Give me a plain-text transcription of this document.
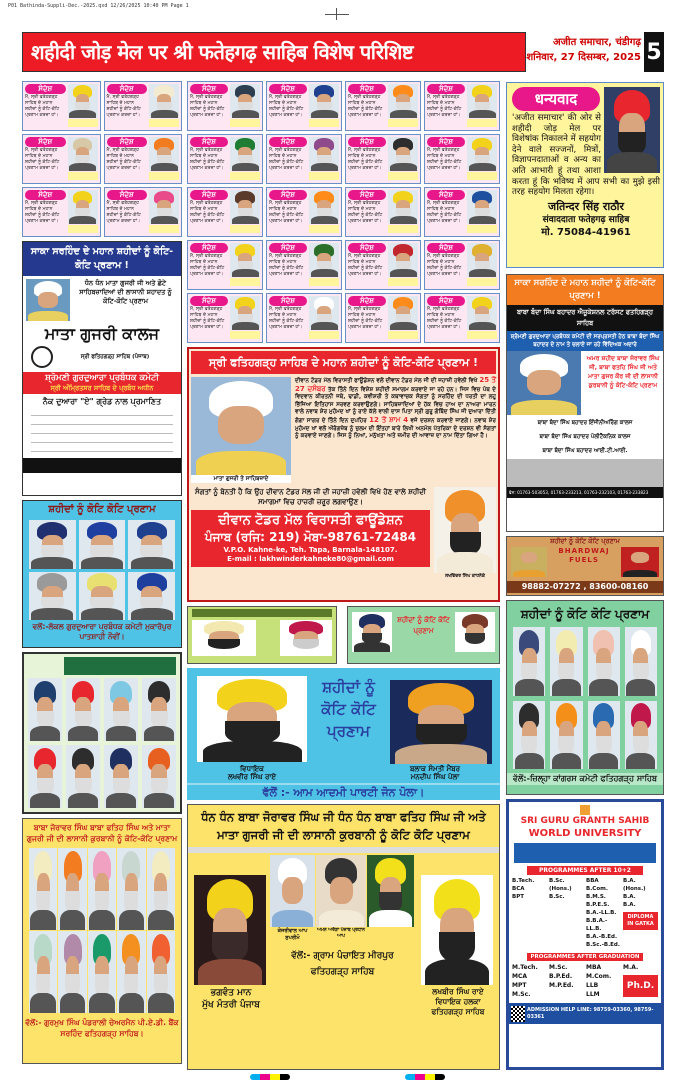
P01 Bathinda-Suppli-Dec.-2025.qxd 12/26/2025 10:40 PM Page 1
शहीदी जोड़ मेल पर श्री फतेहगढ़ साहिब विशेष परिशिष्ट	अजीत समाचार, चंडीगढ़
शनिवार, 27 दिसम्बर, 2025 5
ਸੰਦੇਸ਼
ਮੈਂ, ਸ੍ਰੀ ਫਤੇਹਗੜ੍ਹ ਸਾਹਿਬ ਦੇ ਮਹਾਨ ਸ਼ਹੀਦਾਂ ਨੂੰ ਕੋਟਿ-ਕੋਟਿ ਪ੍ਰਣਾਮ ਕਰਦਾ ਹਾਂ।
ਸੰਦੇਸ਼
ਮੈਂ, ਸ੍ਰੀ ਫਤੇਹਗੜ੍ਹ ਸਾਹਿਬ ਦੇ ਮਹਾਨ ਸ਼ਹੀਦਾਂ ਨੂੰ ਕੋਟਿ-ਕੋਟਿ ਪ੍ਰਣਾਮ ਕਰਦਾ ਹਾਂ।
ਸੰਦੇਸ਼
ਮੈਂ, ਸ੍ਰੀ ਫਤੇਹਗੜ੍ਹ ਸਾਹਿਬ ਦੇ ਮਹਾਨ ਸ਼ਹੀਦਾਂ ਨੂੰ ਕੋਟਿ-ਕੋਟਿ ਪ੍ਰਣਾਮ ਕਰਦਾ ਹਾਂ।
ਸੰਦੇਸ਼
ਮੈਂ, ਸ੍ਰੀ ਫਤੇਹਗੜ੍ਹ ਸਾਹਿਬ ਦੇ ਮਹਾਨ ਸ਼ਹੀਦਾਂ ਨੂੰ ਕੋਟਿ-ਕੋਟਿ ਪ੍ਰਣਾਮ ਕਰਦਾ ਹਾਂ।
ਸੰਦੇਸ਼
ਮੈਂ, ਸ੍ਰੀ ਫਤੇਹਗੜ੍ਹ ਸਾਹਿਬ ਦੇ ਮਹਾਨ ਸ਼ਹੀਦਾਂ ਨੂੰ ਕੋਟਿ-ਕੋਟਿ ਪ੍ਰਣਾਮ ਕਰਦਾ ਹਾਂ।
ਸੰਦੇਸ਼
ਮੈਂ, ਸ੍ਰੀ ਫਤੇਹਗੜ੍ਹ ਸਾਹਿਬ ਦੇ ਮਹਾਨ ਸ਼ਹੀਦਾਂ ਨੂੰ ਕੋਟਿ-ਕੋਟਿ ਪ੍ਰਣਾਮ ਕਰਦਾ ਹਾਂ।
ਸਾਕਾ ਸਰਹਿੰਦ ਦੇ ਮਹਾਨ ਸ਼ਹੀਦਾਂ ਨੂੰ ਕੋਟਿ-ਕੋਟਿ ਪ੍ਰਣਾਮ !
ਧੰਨ ਧੰਨ ਮਾਤਾ ਗੁਜਰੀ ਜੀ ਅਤੇ ਛੋਟੇ ਸਾਹਿਬਜ਼ਾਦਿਆਂ ਦੀ ਲਾਸਾਨੀ ਸ਼ਹਾਦਤ ਨੂੰ ਕੋਟਿ-ਕੋਟਿ ਪ੍ਰਣਾਮ
ਮਾਤਾ ਗੁਜਰੀ ਕਾਲਜ
ਸ੍ਰੀ ਫਤਿਹਗੜ੍ਹ ਸਾਹਿਬ (ਪੰਜਾਬ)
ਸ਼੍ਰੋਮਣੀ ਗੁਰਦੁਆਰਾ ਪ੍ਰਬੰਧਕ ਕਮੇਟੀ
ਸ੍ਰੀ ਅੰਮ੍ਰਿਤਸਰ ਸਾਹਿਬ ਦੇ ਪ੍ਰਬੰਧ ਅਧੀਨ
ਨੈਕ ਦੁਆਰਾ "ਏ" ਗ੍ਰੇਡ ਨਾਲ ਪ੍ਰਮਾਣਿਤ
ਸ਼ਹੀਦਾਂ ਨੂੰ ਕੋਟਿ ਕੋਟਿ ਪ੍ਰਣਾਮ
ਵਲੋਂ:-ਲੋਕਲ ਗੁਰਦੁਆਰਾ ਪ੍ਰਬੰਧਕ ਕਮੇਟੀ ਮੁਕਾਰੋਪੁਰ ਪਾਤਸ਼ਾਹੀ ਨੌਵੀਂ।
ਬਾਬਾ ਜੋਰਾਵਰ ਸਿੰਘ ਬਾਬਾ ਫਤਿਹ ਸਿੰਘ ਅਤੇ ਮਾਤਾ ਗੁਜਰੀ ਜੀ ਦੀ ਲਾਸਾਨੀ ਕੁਰਬਾਨੀ ਨੂੰ ਕੋਟਿ-ਕੋਟਿ ਪ੍ਰਣਾਮ
ਵੱਲੋਂ:- ਗੁਰਮੁਖ ਸਿੰਘ ਪੰਡਰਾਲੀ ਚੇਅਰਮੈਨ ਪੀ.ਏ.ਡੀ. ਬੈਂਕ ਸਰਹਿੰਦ ਫਤਿਹਗੜ੍ਹ ਸਾਹਿਬ।
ਸੰਦੇਸ਼
ਮੈਂ, ਸ੍ਰੀ ਫਤੇਹਗੜ੍ਹ ਸਾਹਿਬ ਦੇ ਮਹਾਨ ਸ਼ਹੀਦਾਂ ਨੂੰ ਕੋਟਿ-ਕੋਟਿ ਪ੍ਰਣਾਮ ਕਰਦਾ ਹਾਂ।
ਸੰਦੇਸ਼
ਮੈਂ, ਸ੍ਰੀ ਫਤੇਹਗੜ੍ਹ ਸਾਹਿਬ ਦੇ ਮਹਾਨ ਸ਼ਹੀਦਾਂ ਨੂੰ ਕੋਟਿ-ਕੋਟਿ ਪ੍ਰਣਾਮ ਕਰਦਾ ਹਾਂ।
ਸੰਦੇਸ਼
ਮੈਂ, ਸ੍ਰੀ ਫਤੇਹਗੜ੍ਹ ਸਾਹਿਬ ਦੇ ਮਹਾਨ ਸ਼ਹੀਦਾਂ ਨੂੰ ਕੋਟਿ-ਕੋਟਿ ਪ੍ਰਣਾਮ ਕਰਦਾ ਹਾਂ।
ਸੰਦੇਸ਼
ਮੈਂ, ਸ੍ਰੀ ਫਤੇਹਗੜ੍ਹ ਸਾਹਿਬ ਦੇ ਮਹਾਨ ਸ਼ਹੀਦਾਂ ਨੂੰ ਕੋਟਿ-ਕੋਟਿ ਪ੍ਰਣਾਮ ਕਰਦਾ ਹਾਂ।
ਸੰਦੇਸ਼
ਮੈਂ, ਸ੍ਰੀ ਫਤੇਹਗੜ੍ਹ ਸਾਹਿਬ ਦੇ ਮਹਾਨ ਸ਼ਹੀਦਾਂ ਨੂੰ ਕੋਟਿ-ਕੋਟਿ ਪ੍ਰਣਾਮ ਕਰਦਾ ਹਾਂ।
ਸੰਦੇਸ਼
ਮੈਂ, ਸ੍ਰੀ ਫਤੇਹਗੜ੍ਹ ਸਾਹਿਬ ਦੇ ਮਹਾਨ ਸ਼ਹੀਦਾਂ ਨੂੰ ਕੋਟਿ-ਕੋਟਿ ਪ੍ਰਣਾਮ ਕਰਦਾ ਹਾਂ।
ਸੰਦੇਸ਼
ਮੈਂ, ਸ੍ਰੀ ਫਤੇਹਗੜ੍ਹ ਸਾਹਿਬ ਦੇ ਮਹਾਨ ਸ਼ਹੀਦਾਂ ਨੂੰ ਕੋਟਿ-ਕੋਟਿ ਪ੍ਰਣਾਮ ਕਰਦਾ ਹਾਂ।
ਸੰਦੇਸ਼
ਮੈਂ, ਸ੍ਰੀ ਫਤੇਹਗੜ੍ਹ ਸਾਹਿਬ ਦੇ ਮਹਾਨ ਸ਼ਹੀਦਾਂ ਨੂੰ ਕੋਟਿ-ਕੋਟਿ ਪ੍ਰਣਾਮ ਕਰਦਾ ਹਾਂ।
ਸੰਦੇਸ਼
ਮੈਂ, ਸ੍ਰੀ ਫਤੇਹਗੜ੍ਹ ਸਾਹਿਬ ਦੇ ਮਹਾਨ ਸ਼ਹੀਦਾਂ ਨੂੰ ਕੋਟਿ-ਕੋਟਿ ਪ੍ਰਣਾਮ ਕਰਦਾ ਹਾਂ।
ਸੰਦੇਸ਼
ਮੈਂ, ਸ੍ਰੀ ਫਤੇਹਗੜ੍ਹ ਸਾਹਿਬ ਦੇ ਮਹਾਨ ਸ਼ਹੀਦਾਂ ਨੂੰ ਕੋਟਿ-ਕੋਟਿ ਪ੍ਰਣਾਮ ਕਰਦਾ ਹਾਂ।
ਸੰਦੇਸ਼
ਮੈਂ, ਸ੍ਰੀ ਫਤੇਹਗੜ੍ਹ ਸਾਹਿਬ ਦੇ ਮਹਾਨ ਸ਼ਹੀਦਾਂ ਨੂੰ ਕੋਟਿ-ਕੋਟਿ ਪ੍ਰਣਾਮ ਕਰਦਾ ਹਾਂ।
ਸੰਦੇਸ਼
ਮੈਂ, ਸ੍ਰੀ ਫਤੇਹਗੜ੍ਹ ਸਾਹਿਬ ਦੇ ਮਹਾਨ ਸ਼ਹੀਦਾਂ ਨੂੰ ਕੋਟਿ-ਕੋਟਿ ਪ੍ਰਣਾਮ ਕਰਦਾ ਹਾਂ।
ਸੰਦੇਸ਼
ਮੈਂ, ਸ੍ਰੀ ਫਤੇਹਗੜ੍ਹ ਸਾਹਿਬ ਦੇ ਮਹਾਨ ਸ਼ਹੀਦਾਂ ਨੂੰ ਕੋਟਿ-ਕੋਟਿ ਪ੍ਰਣਾਮ ਕਰਦਾ ਹਾਂ।
ਸੰਦੇਸ਼
ਮੈਂ, ਸ੍ਰੀ ਫਤੇਹਗੜ੍ਹ ਸਾਹਿਬ ਦੇ ਮਹਾਨ ਸ਼ਹੀਦਾਂ ਨੂੰ ਕੋਟਿ-ਕੋਟਿ ਪ੍ਰਣਾਮ ਕਰਦਾ ਹਾਂ।
ਸੰਦੇਸ਼
ਮੈਂ, ਸ੍ਰੀ ਫਤੇਹਗੜ੍ਹ ਸਾਹਿਬ ਦੇ ਮਹਾਨ ਸ਼ਹੀਦਾਂ ਨੂੰ ਕੋਟਿ-ਕੋਟਿ ਪ੍ਰਣਾਮ ਕਰਦਾ ਹਾਂ।
ਸੰਦੇਸ਼
ਮੈਂ, ਸ੍ਰੀ ਫਤੇਹਗੜ੍ਹ ਸਾਹਿਬ ਦੇ ਮਹਾਨ ਸ਼ਹੀਦਾਂ ਨੂੰ ਕੋਟਿ-ਕੋਟਿ ਪ੍ਰਣਾਮ ਕਰਦਾ ਹਾਂ।
ਸੰਦੇਸ਼
ਮੈਂ, ਸ੍ਰੀ ਫਤੇਹਗੜ੍ਹ ਸਾਹਿਬ ਦੇ ਮਹਾਨ ਸ਼ਹੀਦਾਂ ਨੂੰ ਕੋਟਿ-ਕੋਟਿ ਪ੍ਰਣਾਮ ਕਰਦਾ ਹਾਂ।
ਸੰਦੇਸ਼
ਮੈਂ, ਸ੍ਰੀ ਫਤੇਹਗੜ੍ਹ ਸਾਹਿਬ ਦੇ ਮਹਾਨ ਸ਼ਹੀਦਾਂ ਨੂੰ ਕੋਟਿ-ਕੋਟਿ ਪ੍ਰਣਾਮ ਕਰਦਾ ਹਾਂ।
ਸੰਦੇਸ਼
ਮੈਂ, ਸ੍ਰੀ ਫਤੇਹਗੜ੍ਹ ਸਾਹਿਬ ਦੇ ਮਹਾਨ ਸ਼ਹੀਦਾਂ ਨੂੰ ਕੋਟਿ-ਕੋਟਿ ਪ੍ਰਣਾਮ ਕਰਦਾ ਹਾਂ।
ਸੰਦੇਸ਼
ਮੈਂ, ਸ੍ਰੀ ਫਤੇਹਗੜ੍ਹ ਸਾਹਿਬ ਦੇ ਮਹਾਨ ਸ਼ਹੀਦਾਂ ਨੂੰ ਕੋਟਿ-ਕੋਟਿ ਪ੍ਰਣਾਮ ਕਰਦਾ ਹਾਂ।
ਸ੍ਰੀ ਫਤਿਹਗੜ੍ਹ ਸਾਹਿਬ ਦੇ ਮਹਾਨ ਸ਼ਹੀਦਾਂ ਨੂੰ ਕੋਟਿ-ਕੋਟਿ ਪ੍ਰਣਾਮ !
ਮਾਤਾ ਗੁਜਰੀ ਤੇ ਸਾਹਿਬਜ਼ਾਦੇ
ਦੀਵਾਨ ਟੋਡਰ ਮੱਲ ਵਿਰਾਸਤੀ ਫਾਊਂਡੇਸ਼ਨ ਵਲੋਂ ਦੀਵਾਨ ਟੋਡਰ ਮੱਲ ਜੀ ਦੀ ਜਹਾਜ਼ੀ ਹਵੇਲੀ ਵਿਖੇ 25 ਤੋਂ 27 ਦਸੰਬਰ ਤੱਕ ਤਿੰਨੇ ਦਿਨ ਵਿਸ਼ੇਸ਼ ਸ਼ਹੀਦੀ ਸਮਾਗਮ ਕਰਵਾਏ ਜਾ ਰਹੇ ਹਨ। ਜਿਸ ਵਿਚ ਪੰਥ ਦੇ ਵਿਦਵਾਨ ਕੀਰਤਨੀ ਜਥੇ, ਢਾਡੀ, ਕਵੀਸ਼ਰੀ ਤੇ ਕਥਾਵਾਚਕ ਸੰਗਤਾਂ ਨੂੰ ਸਰਹਿੰਦ ਦੀ ਧਰਤੀ ਦਾ ਲਹੂ ਭਿੱਜਿਆ ਇਤਿਹਾਸ ਸਰਵਣ ਕਰਵਾਉਣਗੇ। ਸਾਹਿਬਜ਼ਾਦਿਆਂ ਦੇ ਹੱਕ ਵਿਚ ਹਾਅ ਦਾ ਨਾਅਰਾ ਮਾਰਨ ਵਾਲੇ ਨਵਾਬ ਸ਼ੇਰ ਮੁਹੰਮਦ ਖਾਂ ਨੂੰ ਰਾਏ ਕੱਲੇ ਵਾਲੀ ਦਾਸ ਪਿਤਾ ਸ੍ਰੀ ਗੁਰੂ ਗੋਬਿੰਦ ਸਿੰਘ ਜੀ ਦੁਆਰਾ ਦਿੱਤੀ ਗੰਗਾ ਸਾਗਰ ਦੇ ਤਿੰਨੇ ਦਿਨ ਦੁਪਹਿਰ 12 ਤੋਂ ਸ਼ਾਮ 4 ਵਜੇ ਦਰਸ਼ਨ ਕਰਵਾਏ ਜਾਣਗੇ। ਨਵਾਬ ਸ਼ੇਰ ਮੁਹੰਮਦ ਖਾਂ ਵਲੋਂ ਔਰੰਗਜ਼ੇਬ ਨੂੰ ਜ਼ੁਲਮ ਦੀ ਇੰਤਹਾਂ ਬਾਰੇ ਲਿਖੀ ਅਨਮੋਲ ਪੱਤਰਿਕਾ ਦੇ ਦਰਸ਼ਨ ਵੀ ਸੰਗਤਾਂ ਨੂੰ ਕਰਵਾਏ ਜਾਣਗੇ। ਜਿਸ ਨੂੰ ਨਿਆਂ, ਮਨੁੱਖਤਾ ਅਤੇ ਜ਼ਮੀਰ ਦੀ ਆਵਾਜ਼ ਦਾ ਨਾਮ ਦਿੱਤਾ ਗਿਆ ਹੈ।
ਸੰਗਤਾਂ ਨੂੰ ਬੇਨਤੀ ਹੈ ਕਿ ਉਹ ਦੀਵਾਨ ਟੋਡਰ ਮੱਲ ਜੀ ਦੀ ਜਹਾਜ਼ੀ ਹਵੇਲੀ ਵਿਖੇ ਹੋਣ ਵਾਲੇ ਸ਼ਹੀਦੀ ਸਮਾਗਮਾਂ ਵਿਚ ਹਾਜ਼ਰੀ ਜ਼ਰੂਰ ਲਗਵਾਉਣ।
ਦੀਵਾਨ ਟੋਡਰ ਮੱਲ ਵਿਰਾਸਤੀ ਫਾਊਂਡੇਸ਼ਨ
ਪੰਜਾਬ (ਰਜਿ: 219) ਮੋਬਾ-98761-72484
V.P.O. Kahne-ke, Teh. Tapa, Barnala-148107.
E-mail : lakhwinderkahneke80@gmail.com
ਲਖਵਿੰਦਰ ਸਿੰਘ ਕਾਹਨੇਕੇ
ਸ਼ਹੀਦਾਂ ਨੂੰ ਕੋਟਿ ਕੋਟਿ ਪ੍ਰਣਾਮ
ਸ਼ਹੀਦਾਂ ਨੂੰ ਕੋਟਿ ਕੋਟਿ ਪ੍ਰਣਾਮ
ਵਿਧਾਇਕ
ਲਖਵੀਰ ਸਿੰਘ ਰਾਏ
ਬਲਾਕ ਸੰਮਤੀ ਮੈਂਬਰ
ਮਨਦੀਪ ਸਿੰਘ ਪੋਲਾ
ਵੱਲੋਂ :- ਆਮ ਆਦਮੀ ਪਾਰਟੀ ਜੋਨ ਪੋਲਾ।
ਧੰਨ ਧੰਨ ਬਾਬਾ ਜੋਰਾਵਰ ਸਿੰਘ ਜੀ ਧੰਨ ਧੰਨ ਬਾਬਾ ਫਤਿਹ ਸਿੰਘ ਜੀ ਅਤੇ ਮਾਤਾ ਗੁਜਰੀ ਜੀ ਦੀ ਲਾਸਾਨੀ ਕੁਰਬਾਨੀ ਨੂੰ ਕੋਟਿ ਕੋਟਿ ਪ੍ਰਣਾਮ
ਭਗਵੰਤ ਮਾਨ
ਮੁੱਖ ਮੰਤਰੀ ਪੰਜਾਬ
ਕੇਜਰੀਵਾਲ ਆਪ ਸੁਪਰੀਮੋ
ਅਮਨ ਅਰੋੜਾ ਪੰਜਾਬ ਪ੍ਰਧਾਨ ਆਪ
ਵੱਲੋਂ:- ਗ੍ਰਾਮ ਪੰਚਾਇਤ ਮੀਰਪੁਰ
ਫਤਿਹਗੜ੍ਹ ਸਾਹਿਬ
ਲਖਬੀਰ ਸਿੰਘ ਰਾਏ ਵਿਧਾਇਕ ਹਲਕਾ ਫਤਿਹਗੜ੍ਹ ਸਾਹਿਬ
धन्यवाद
'अजीत समाचार' की ओर से शहीदी जोड़ मेल पर विशेषांक निकालने में सहयोग देने वाले सज्जनों, मित्रों, विज्ञापनदाताओं व अन्य का अति आभारी हूं तथा आशा करता हूं कि भविष्य में आप सभी का मुझे इसी तरह सहयोग मिलता रहेगा।
जतिन्दर सिंह राठौर
संवाददाता फतेहगढ़ साहिब
मो. 75084-41961
ਸਾਕਾ ਸਰਹਿੰਦ ਦੇ ਮਹਾਨ ਸ਼ਹੀਦਾਂ ਨੂੰ ਕੋਟਿ-ਕੋਟਿ ਪ੍ਰਣਾਮ !
ਬਾਬਾ ਬੰਦਾ ਸਿੰਘ ਬਹਾਦਰ ਐਜੂਕੇਸ਼ਨਲ ਟਰੱਸਟ ਫਤਹਿਗੜ੍ਹ ਸਾਹਿਬ
ਸ਼੍ਰੋਮਣੀ ਗੁਰਦੁਆਰਾ ਪ੍ਰਬੰਧਕ ਕਮੇਟੀ ਦੀ ਸਰਪ੍ਰਸਤੀ ਹੇਠ ਬਾਬਾ ਬੰਦਾ ਸਿੰਘ ਬਹਾਦਰ ਦੇ ਨਾਮ ਤੇ ਚਲਾਏ ਜਾ ਰਹੇ ਵਿੱਦਿਅਕ ਅਦਾਰੇ
ਅਮਰ ਸ਼ਹੀਦ ਬਾਬਾ ਜੋਰਾਵਰ ਸਿੰਘ ਜੀ, ਬਾਬਾ ਫਤਹਿ ਸਿੰਘ ਜੀ ਅਤੇ ਮਾਤਾ ਗੁਜਰ ਕੌਰ ਜੀ ਦੀ ਲਾਸਾਨੀ ਕੁਰਬਾਨੀ ਨੂੰ ਕੋਟਿ-ਕੋਟਿ ਪ੍ਰਣਾਮ
ਬਾਬਾ ਬੰਦਾ ਸਿੰਘ ਬਹਾਦਰ ਇੰਜੀਨੀਅਰਿੰਗ ਕਾਲਜ
ਬਾਬਾ ਬੰਦਾ ਸਿੰਘ ਬਹਾਦਰ ਪੋਲੀਟੈਕਨਿਕ ਕਾਲਜ
ਬਾਬਾ ਬੰਦਾ ਸਿੰਘ ਬਹਾਦਰ ਆਈ.ਟੀ.ਆਈ.
ਫੋਨ: 01763-503053, 01763-233213, 01763-232103, 01763-233823
ਸ਼ਹੀਦਾਂ ਨੂੰ ਕੋਟਿ ਕੋਟਿ ਪ੍ਰਣਾਮ
BHARDWAJ FUELS
98882-07272 , 83600-08160
ਸ਼ਹੀਦਾਂ ਨੂੰ ਕੋਟਿ ਕੋਟਿ ਪ੍ਰਣਾਮ
ਵੱਲੋਂ:-ਜ਼ਿਲ੍ਹਾ ਕਾਂਗਰਸ ਕਮੇਟੀ ਫਤਿਹਗੜ੍ਹ ਸਾਹਿਬ
SRI GURU GRANTH SAHIB
WORLD UNIVERSITY
PROGRAMMES AFTER 10+2
B.Tech.
BCA
BPT
B.Sc. (Hons.)
B.Sc.
BBA
B.Com.
B.M.S.
B.P.E.S.
B.A.-LL.B.
B.B.A.-LL.B.
B.A.-B.Ed.
B.Sc.-B.Ed.
B.A. (Hons.)
B.A.
B.A.
DIPLOMA IN GATKA
PROGRAMMES AFTER GRADUATION
M.Tech.
MCA
MPT
M.Sc.
M.Sc.
B.P.Ed.
M.P.Ed.
MBA
M.Com.
LLB
LLM
M.A.
Ph.D.
ADMISSION HELP LINE: 98759-03360, 98759-03361
